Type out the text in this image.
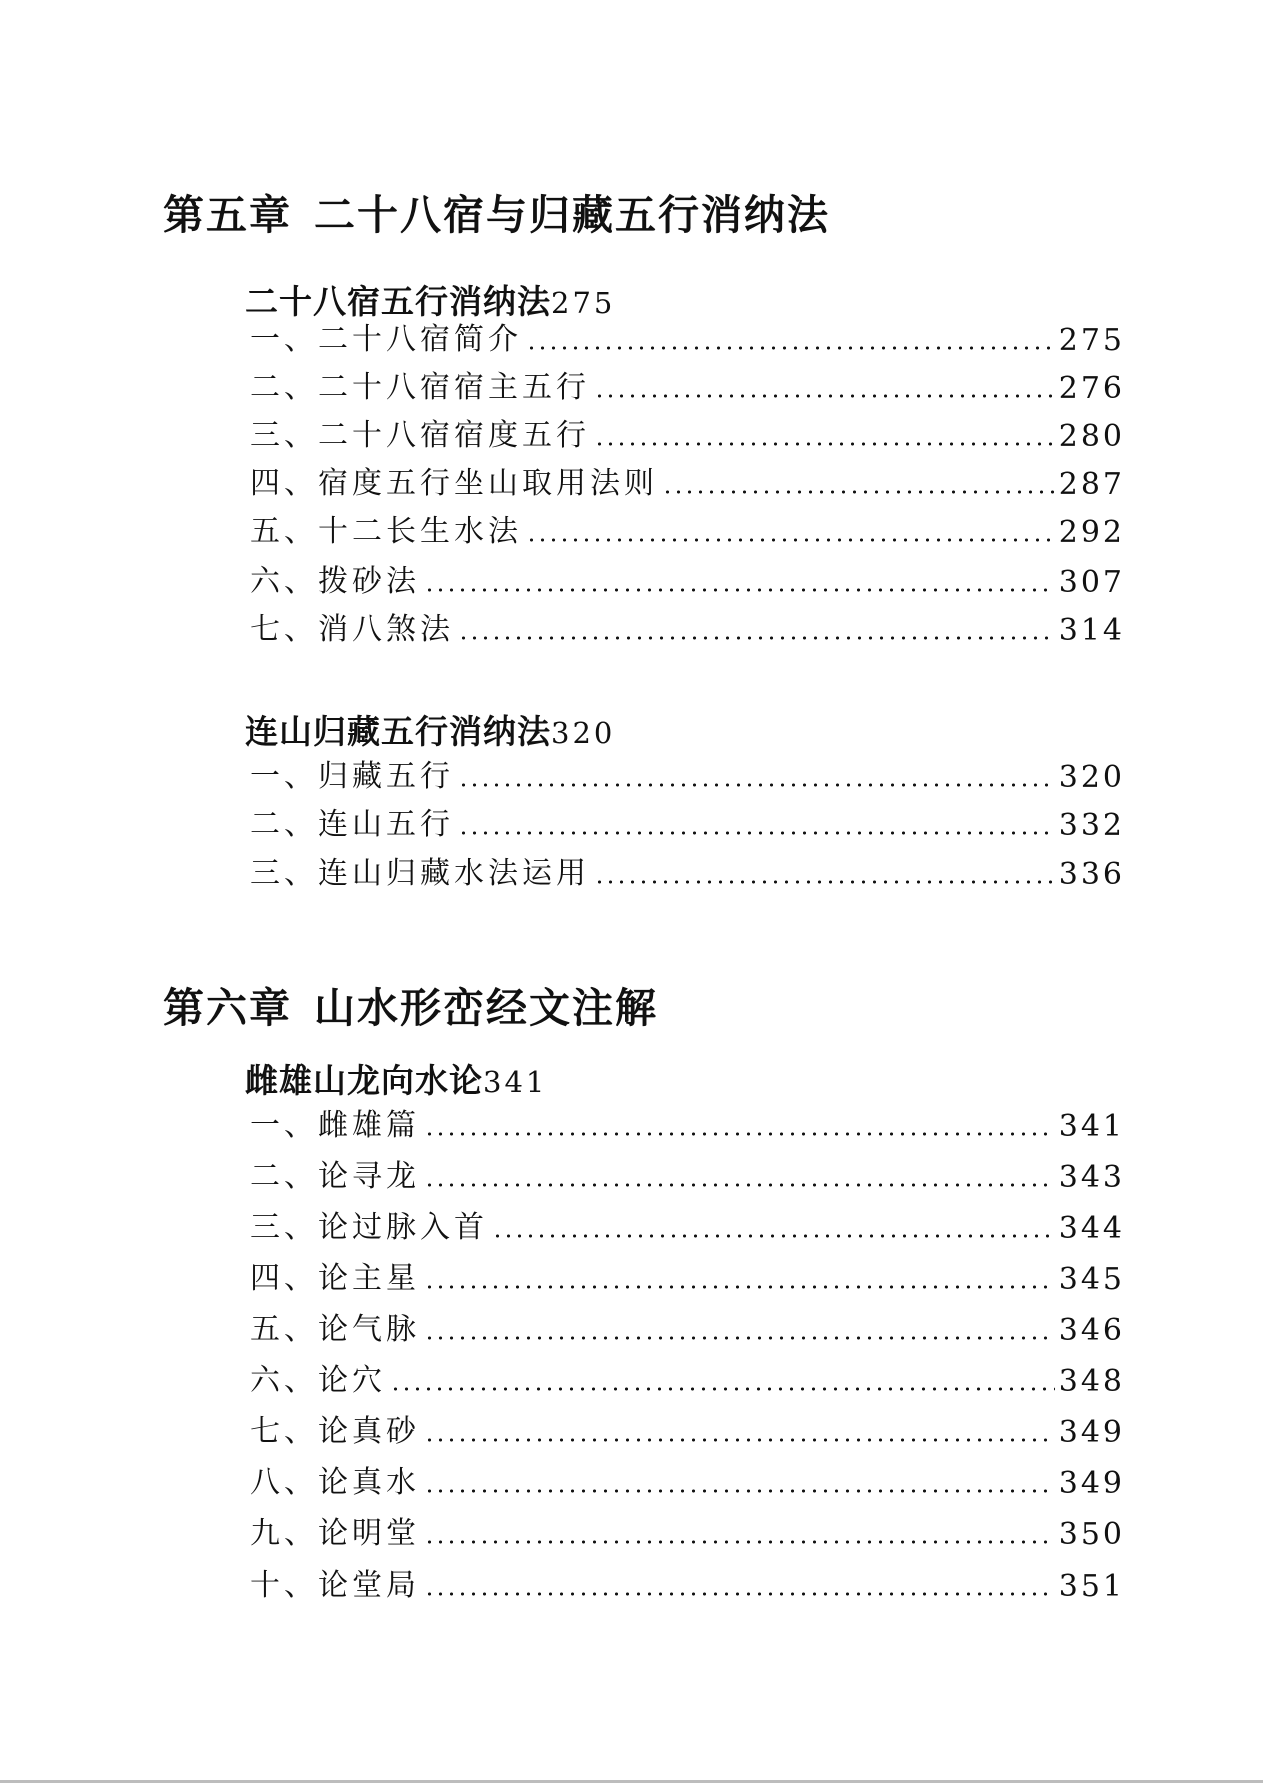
第五章 二十八宿与归藏五行消纳法
二十八宿五行消纳法275
一、二十八宿简介	275
二、二十八宿宿主五行	276
三、二十八宿宿度五行	280
四、宿度五行坐山取用法则	287
五、十二长生水法	292
六、拨砂法	307
七、消八煞法	314
连山归藏五行消纳法320
一、归藏五行	320
二、连山五行	332
三、连山归藏水法运用	336
第六章 山水形峦经文注解
雌雄山龙向水论341
一、雌雄篇	341
二、论寻龙	343
三、论过脉入首	344
四、论主星	345
五、论气脉	346
六、论穴	348
七、论真砂	349
八、论真水	349
九、论明堂	350
十、论堂局	351
